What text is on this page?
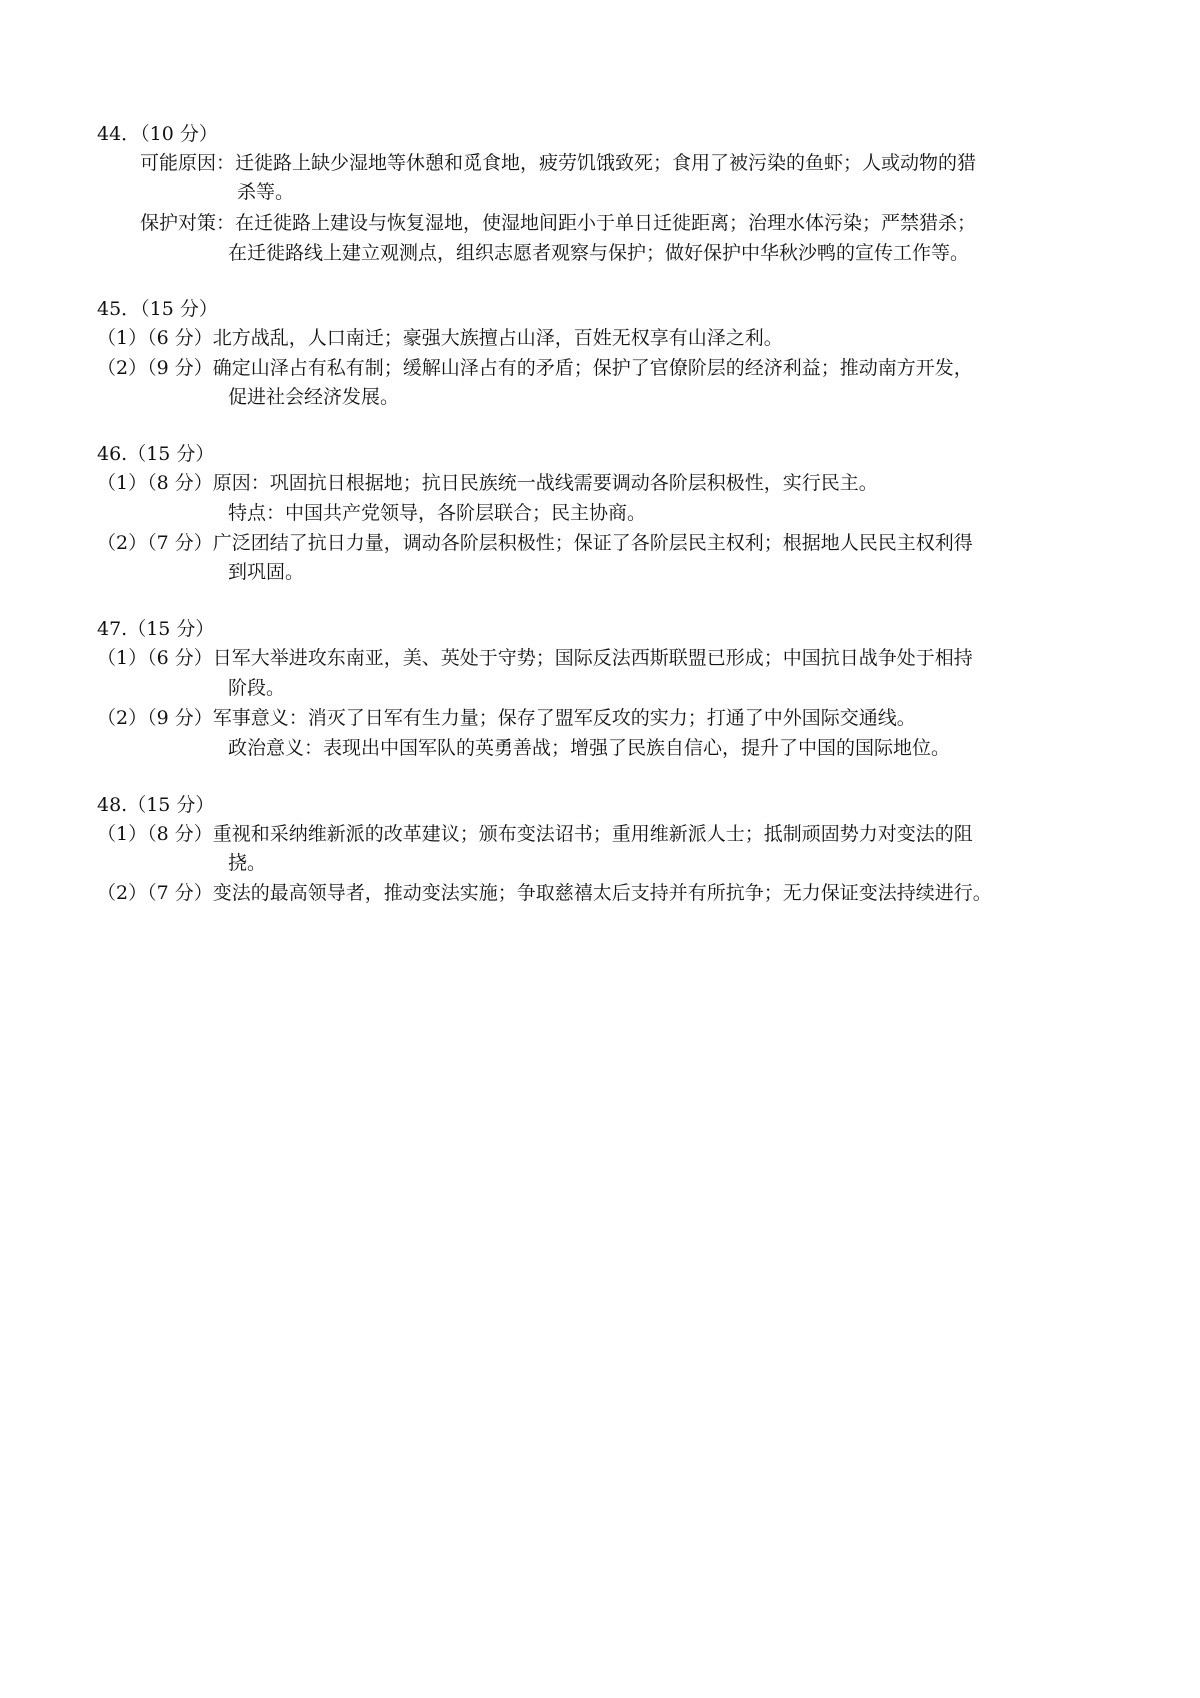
44．（10 分）
可能原因：迁徙路上缺少湿地等休憩和觅食地，疲劳饥饿致死；食用了被污染的鱼虾；人或动物的猎
杀等。
保护对策：在迁徙路上建设与恢复湿地，使湿地间距小于单日迁徙距离；治理水体污染；严禁猎杀；
在迁徙路线上建立观测点，组织志愿者观察与保护；做好保护中华秋沙鸭的宣传工作等。
45．（15 分）
（1）（6 分）北方战乱，人口南迁；豪强大族擅占山泽，百姓无权享有山泽之利。
（2）（9 分）确定山泽占有私有制；缓解山泽占有的矛盾；保护了官僚阶层的经济利益；推动南方开发，
促进社会经济发展。
46.（15 分）
（1）（8 分）原因：巩固抗日根据地；抗日民族统一战线需要调动各阶层积极性，实行民主。
特点：中国共产党领导，各阶层联合；民主协商。
（2）（7 分）广泛团结了抗日力量，调动各阶层积极性；保证了各阶层民主权利；根据地人民民主权利得
到巩固。
47.（15 分）
（1）（6 分）日军大举进攻东南亚，美、英处于守势；国际反法西斯联盟已形成；中国抗日战争处于相持
阶段。
（2）（9 分）军事意义：消灭了日军有生力量；保存了盟军反攻的实力；打通了中外国际交通线。
政治意义：表现出中国军队的英勇善战；增强了民族自信心，提升了中国的国际地位。
48.（15 分）
（1）（8 分）重视和采纳维新派的改革建议；颁布变法诏书；重用维新派人士；抵制顽固势力对变法的阻
挠。
（2）（7 分）变法的最高领导者，推动变法实施；争取慈禧太后支持并有所抗争；无力保证变法持续进行。
